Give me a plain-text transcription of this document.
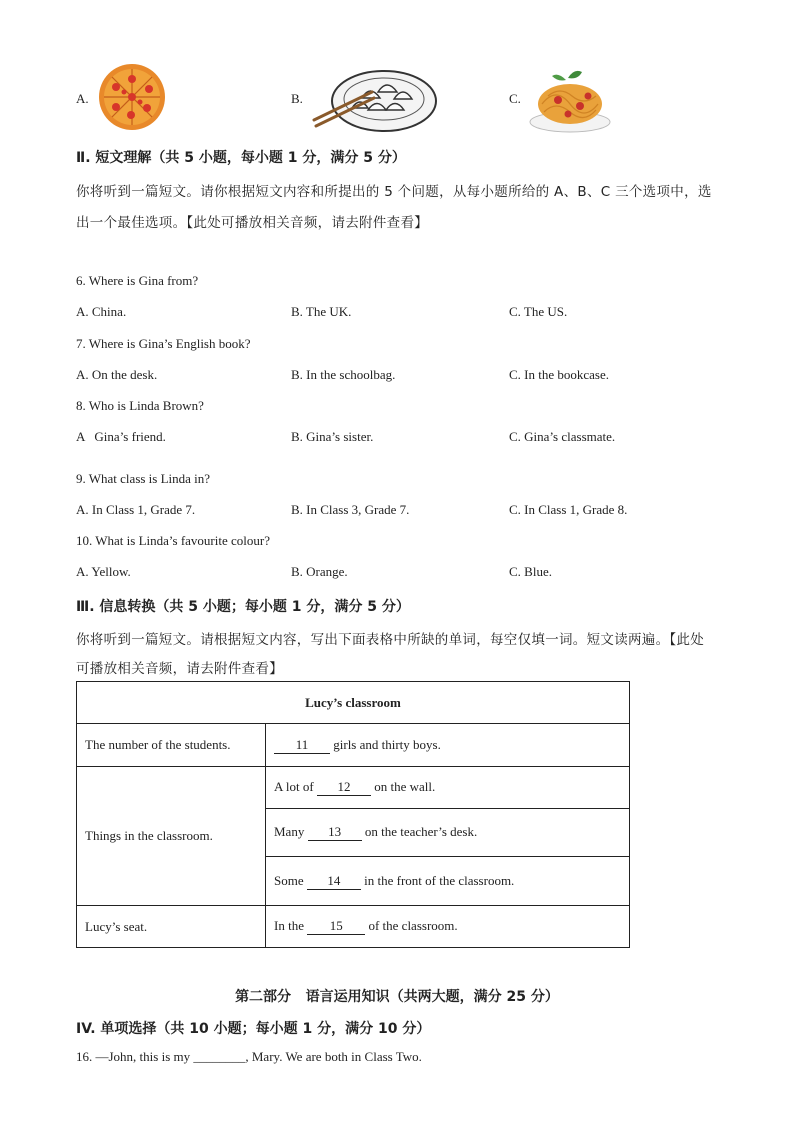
A.	B.	C.
Ⅱ. 短文理解（共 5 小题，每小题 1 分，满分 5 分）
你将听到一篇短文。请你根据短文内容和所提出的 5 个问题，从每小题所给的 A、B、C 三个选项中，选
出一个最佳选项。【此处可播放相关音频，请去附件查看】
6. Where is Gina from?
A. China.	B. The UK.	C. The US.
7. Where is Gina’s English book?
A. On the desk.	B. In the schoolbag.	C. In the bookcase.
8. Who is Linda Brown?
A   Gina’s friend.	B. Gina’s sister.	C. Gina’s classmate.
9. What class is Linda in?
A. In Class 1, Grade 7.	B. In Class 3, Grade 7.	C. In Class 1, Grade 8.
10. What is Linda’s favourite colour?
A. Yellow.	B. Orange.	C. Blue.
Ⅲ. 信息转换（共 5 小题；每小题 1 分，满分 5 分）
你将听到一篇短文。请根据短文内容，写出下面表格中所缺的单词，每空仅填一词。短文读两遍。【此处
可播放相关音频，请去附件查看】
Lucy’s classroom	
The number of the students.	11 girls and thirty boys.
Things in the classroom.	A lot of 12 on the wall.
	Many 13 on the teacher’s desk.
	Some 14 in the front of the classroom.
Lucy’s seat.	In the 15 of the classroom.
第二部分   语言运用知识（共两大题，满分 25 分）
IV. 单项选择（共 10 小题；每小题 1 分，满分 10 分）
16. —John, this is my ________, Mary. We are both in Class Two.
